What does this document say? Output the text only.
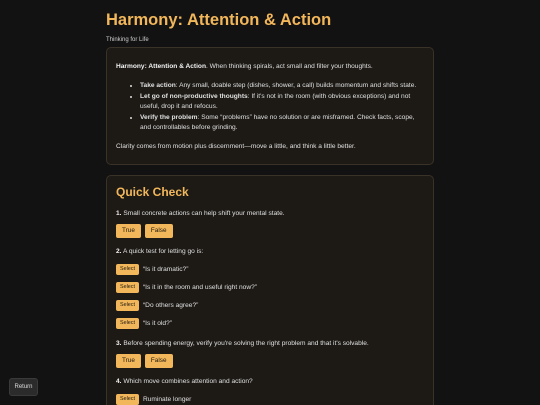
Harmony: Attention & Action
Thinking for Life

Harmony: Attention & Action. When thinking spirals, act small and filter your thoughts.

• Take action: Any small, doable step (dishes, shower, a call) builds momentum and shifts state.
• Let go of non-productive thoughts: If it's not in the room (with obvious exceptions) and not useful, drop it and refocus.
• Verify the problem: Some “problems” have no solution or are misframed. Check facts, scope, and controllables before grinding.

Clarity comes from motion plus discernment—move a little, and think a little better.

Quick Check

1. Small concrete actions can help shift your mental state.

True	False

2. A quick test for letting go is:

Select	“Is it dramatic?”
Select	“Is it in the room and useful right now?”
Select	“Do others agree?”
Select	“Is it old?”

3. Before spending energy, verify you're solving the right problem and that it's solvable.

True	False

4. Which move combines attention and action?

Select	Ruminate longer
Return
